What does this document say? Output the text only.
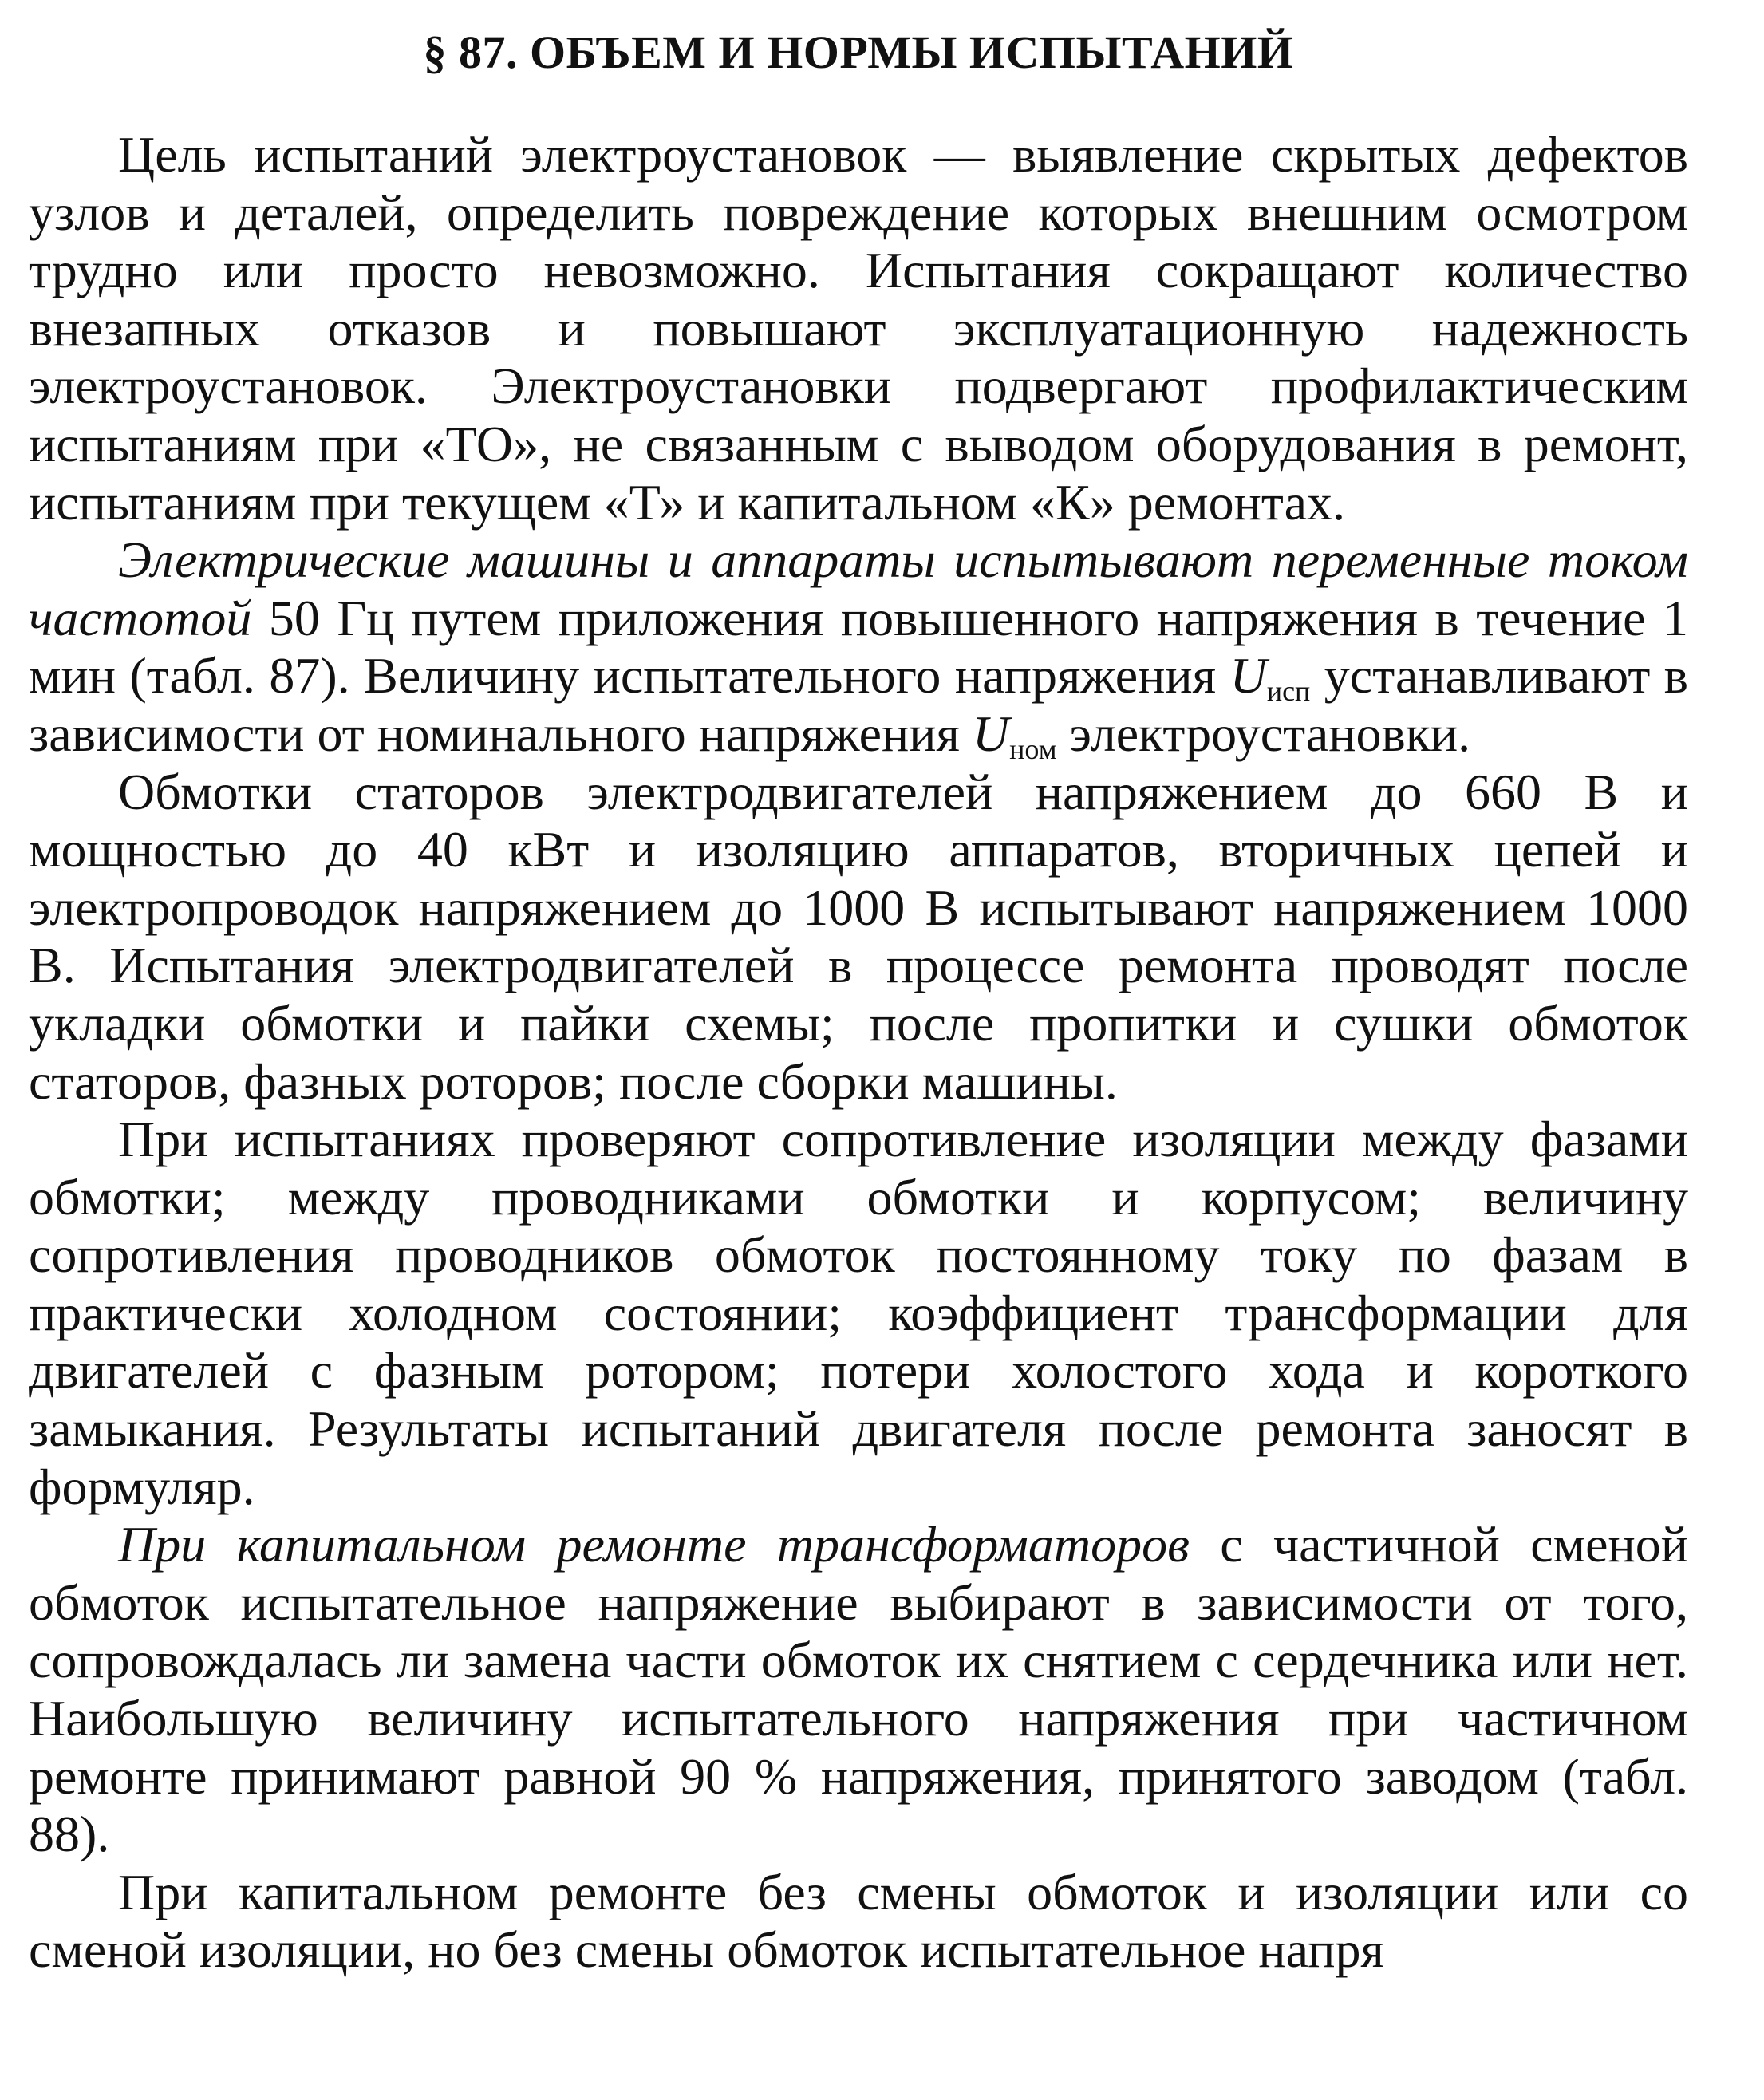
§ 87. ОБЪЕМ И НОРМЫ ИСПЫТАНИЙ

Цель испытаний электроустановок — выявление скрытых дефектов узлов и деталей, определить повреждение которых внешним осмотром трудно или просто невозможно. Испытания сокращают количество внезапных отказов и повышают эксплуатационную надежность электроустановок. Электроустановки подвергают профилактическим испытаниям при «ТО», не связанным с выводом оборудования в ремонт, испытаниям при текущем «Т» и капитальном «К» ремонтах.

Электрические машины и аппараты испытывают переменные током частотой 50 Гц путем приложения повышенного напряжения в течение 1 мин (табл. 87). Величину испытательного напряжения $U_{исп}$ устанавливают в зависимости от номинального напряжения $U_{ном}$ электроустановки.

Обмотки статоров электродвигателей напряжением до 660 В и мощностью до 40 кВт и изоляцию аппаратов, вторичных цепей и электропроводок напряжением до 1000 В испытывают напряжением 1000 В. Испытания электродвигателей в процессе ремонта проводят после укладки обмотки и пайки схемы; после пропитки и сушки обмоток статоров, фазных роторов; после сборки машины.

При испытаниях проверяют сопротивление изоляции между фазами обмотки; между проводниками обмотки и корпусом; величину сопротивления проводников обмоток постоянному току по фазам в практически холодном состоянии; коэффициент трансформации для двигателей с фазным ротором; потери холостого хода и короткого замыкания. Результаты испытаний двигателя после ремонта заносят в формуляр.

При капитальном ремонте трансформаторов с частичной сменой обмоток испытательное напряжение выбирают в зависимости от того, сопровождалась ли замена части обмоток их снятием с сердечника или нет. Наибольшую величину испытательного напряжения при частичном ремонте принимают равной 90 % напряжения, принятого заводом (табл. 88).

При капитальном ремонте без смены обмоток и изоляции или со сменой изоляции, но без смены обмоток испытательное напря
